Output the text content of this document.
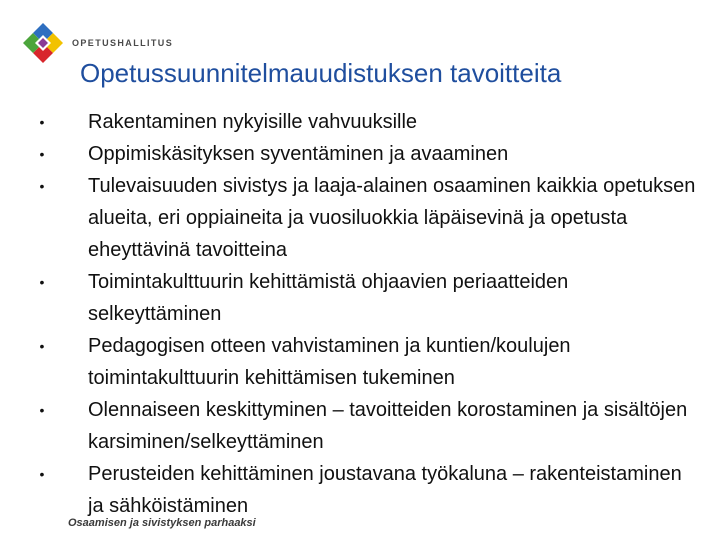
OPETUSHALLITUS
Opetussuunnitelmauudistuksen tavoitteita
• Rakentaminen nykyisille vahvuuksille
• Oppimiskäsityksen syventäminen ja avaaminen
• Tulevaisuuden sivistys ja laaja-alainen osaaminen kaikkia opetuksen alueita, eri oppiaineita ja vuosiluokkia läpäisevinä ja opetusta eheyttävinä tavoitteina
• Toimintakulttuurin kehittämistä ohjaavien periaatteiden selkeyttäminen
• Pedagogisen otteen vahvistaminen ja kuntien/koulujen toimintakulttuurin kehittämisen tukeminen
• Olennaiseen keskittyminen – tavoitteiden korostaminen ja sisältöjen karsiminen/selkeyttäminen
• Perusteiden kehittäminen joustavana työkaluna – rakenteistaminen ja sähköistäminen
Osaamisen ja sivistyksen parhaaksi
